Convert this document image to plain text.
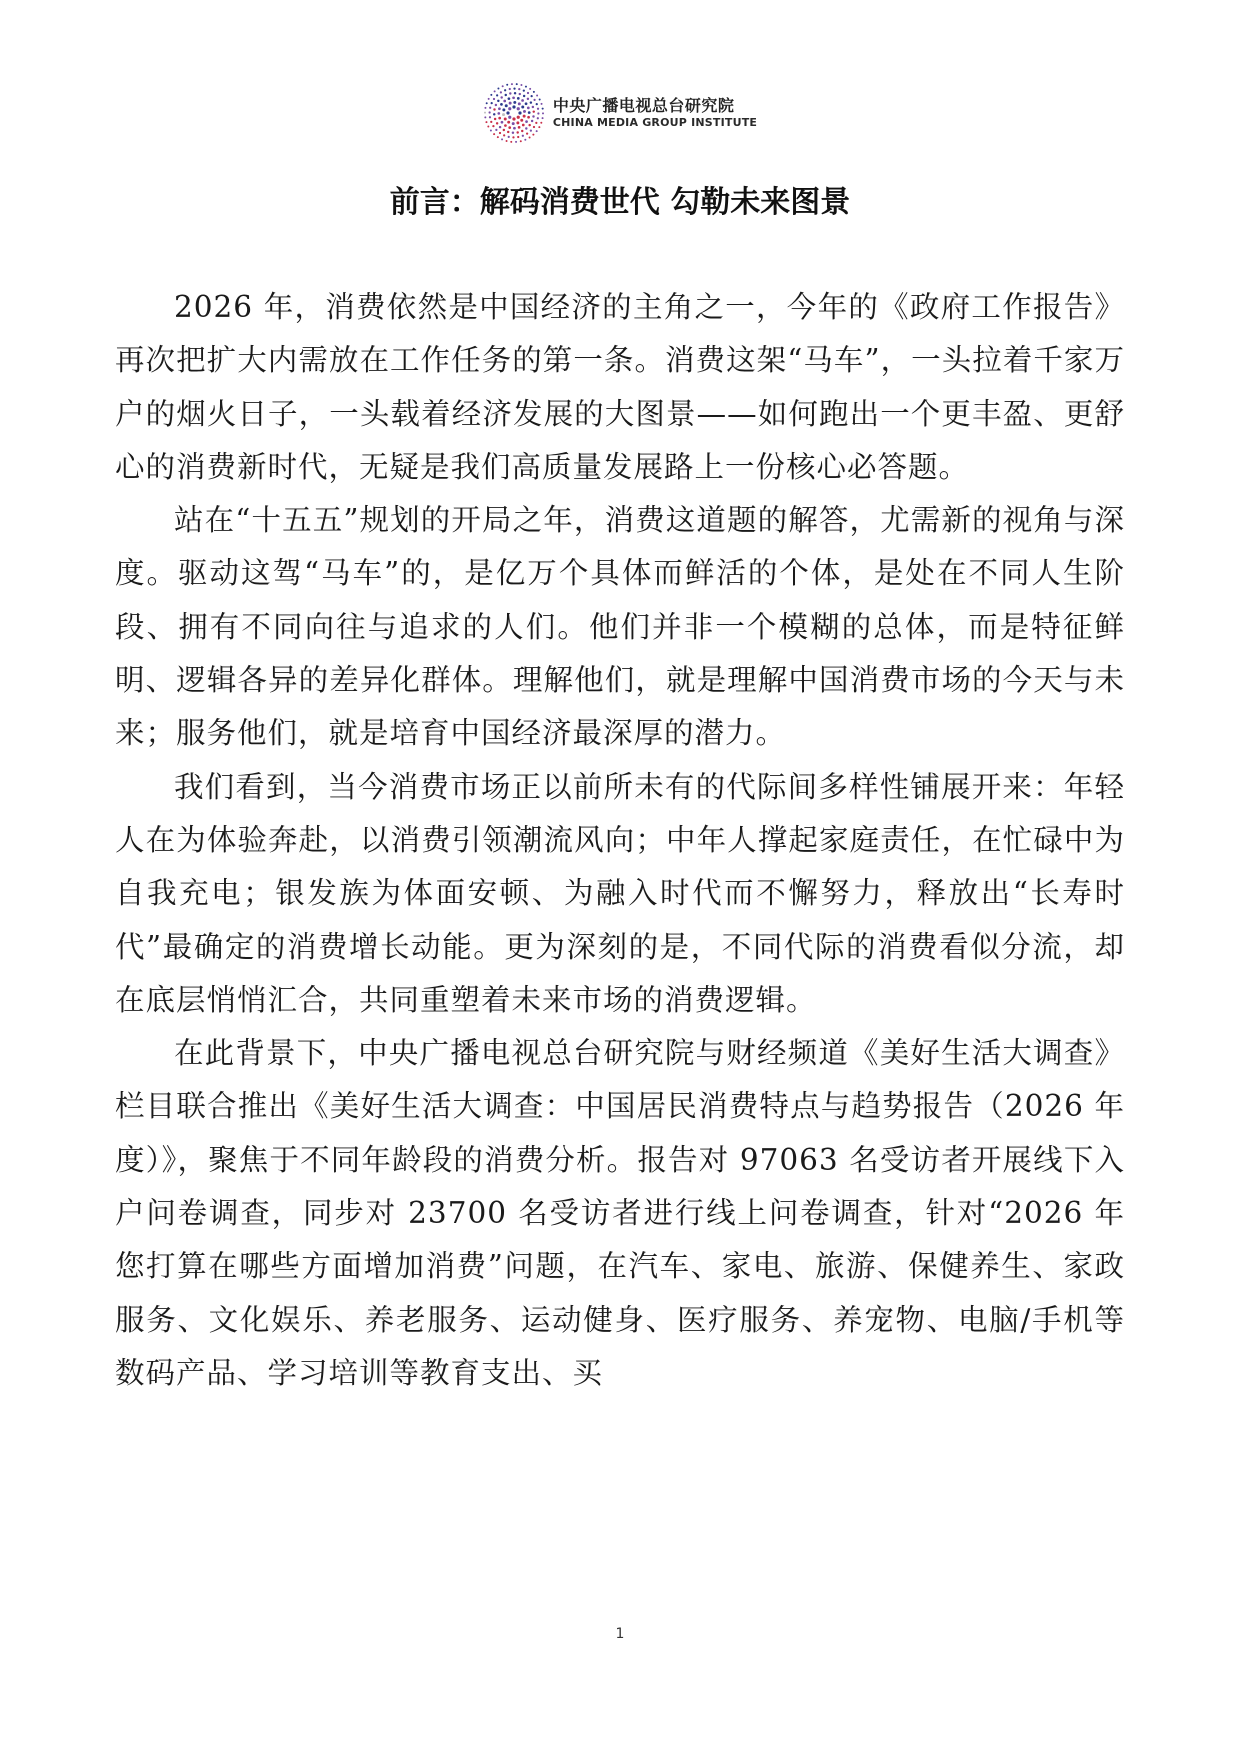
中央广播电视总台研究院
CHINA MEDIA GROUP INSTITUTE
前言：解码消费世代 勾勒未来图景

2026 年，消费依然是中国经济的主角之一，今年的《政府工作报告》再次把扩大内需放在工作任务的第一条。消费这架“马车”，一头拉着千家万户的烟火日子，一头载着经济发展的大图景——如何跑出一个更丰盈、更舒心的消费新时代，无疑是我们高质量发展路上一份核心必答题。

站在“十五五”规划的开局之年，消费这道题的解答，尤需新的视角与深度。驱动这驾“马车”的，是亿万个具体而鲜活的个体，是处在不同人生阶段、拥有不同向往与追求的人们。他们并非一个模糊的总体，而是特征鲜明、逻辑各异的差异化群体。理解他们，就是理解中国消费市场的今天与未来；服务他们，就是培育中国经济最深厚的潜力。

我们看到，当今消费市场正以前所未有的代际间多样性铺展开来：年轻人在为体验奔赴，以消费引领潮流风向；中年人撑起家庭责任，在忙碌中为自我充电；银发族为体面安顿、为融入时代而不懈努力，释放出“长寿时代”最确定的消费增长动能。更为深刻的是，不同代际的消费看似分流，却在底层悄悄汇合，共同重塑着未来市场的消费逻辑。

在此背景下，中央广播电视总台研究院与财经频道《美好生活大调查》栏目联合推出《美好生活大调查：中国居民消费特点与趋势报告（2026 年度）》，聚焦于不同年龄段的消费分析。报告对 97063 名受访者开展线下入户问卷调查，同步对 23700 名受访者进行线上问卷调查，针对“2026 年您打算在哪些方面增加消费”问题，在汽车、家电、旅游、保健养生、家政服务、文化娱乐、养老服务、运动健身、医疗服务、养宠物、电脑/手机等数码产品、学习培训等教育支出、买

1
